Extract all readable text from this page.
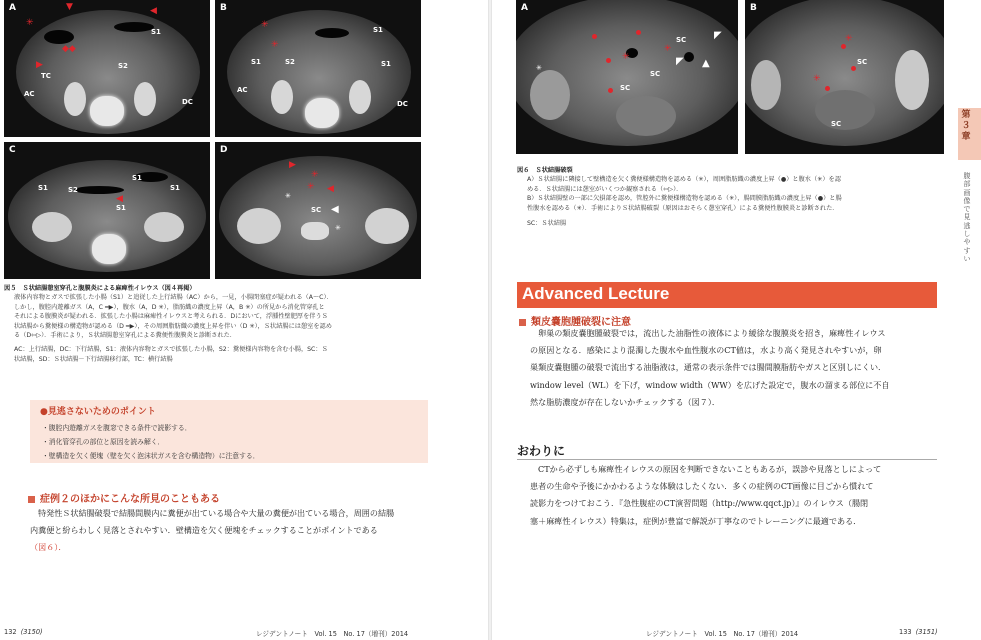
A
S1
TC
S2
AC
DC
▼	◀
✳
◆◆
▶
B
S1
S2
S1	S1
AC
DC
✳
✳
C
S1	S2
S1
S1
S1
◀
D
SC
▶
✳
✳ ◀
◀
✳
✳
図５　Ｓ状結腸憩室穿孔と腹膜炎による麻痺性イレウス（図４再掲）
液体内容物とガスで拡張した小腸（S1）と追従した上行結腸（AC）から，一見，小腸閉塞症が疑われる（A〜C）．
しかし，腹腔内遊離ガス（A，C ━▶），腹水（A，D ✳），脂肪織の濃度上昇（A，B ✳）の所見から消化管穿孔と
それによる腹膜炎が疑われる．拡張した小腸は麻痺性イレウスと考えられる．Dにおいて，浮腫性壁肥厚を伴うＳ
状結腸から糞便様の構造物が認める（D ━▶），その周囲脂肪織の濃度上昇を伴い（D ✳），Ｓ状結腸には憩室を認め
る（D⇦▷）．手術により，Ｓ状結腸憩室穿孔による糞便性腹膜炎と診断された．
AC：上行結腸，DC：下行結腸，S1：液体内容物とガスで拡張した小腸，S2：糞便様内容物を含む小腸，SC：Ｓ
状結腸，SD：Ｓ状結腸－下行結腸移行部，TC：横行結腸
●見逃さないためのポイント
・腹腔内遊離ガスを腹窓できる条件で読影する．
・消化管穿孔の部位と原因を読み解く．
・壁構造を欠く便塊（壁を欠く泡沫状ガスを含む構造物）に注意する．
症例２のほかにこんな所見のこともある
特発性Ｓ状結腸破裂で結腸間膜内に糞便が出ている場合や大量の糞便が出ている場合，周囲の結腸
内糞便と紛らわしく見落とされやすい．壁構造を欠く便塊をチェックすることがポイントである
（図６）．
132 (3150)	レジデントノート　Vol. 15　No. 17（増刊）2014
A
SC
SC
SC
✳
✳
✳
◤
◤ ▲
B
SC
SC
✳
✳
第３章
腹部画像で見逃しやすい
図６　Ｓ状結腸破裂
A）Ｓ状結腸に隣接して壁構造を欠く糞便様構造物を認める（✳），周囲脂肪織の濃度上昇（●）と腹水（✳）を認
める．Ｓ状結腸には憩室がいくつか観察される（⇦▷）．
B）Ｓ状結腸壁の一部に欠損部を認め，管腔外に糞便様構造物を認める（✳），腸間膜脂肪織の濃度上昇（●）と腸
性腹水を認める（✳）．手術によりＳ状結腸破裂（原因はおそらく憩室穿孔）による糞便性腹膜炎と診断された．
SC：Ｓ状結腸
Advanced Lecture
類皮嚢胞腫破裂に注意
卵巣の類皮嚢胞腫破裂では，流出した油脂性の液体により緩徐な腹膜炎を招き，麻痺性イレウス
の原因となる．感染により混濁した腹水や血性腹水のCT値は，水より高く発見されやすいが，卵
巣類皮嚢胞腫の破裂で流出する油脂液は，通常の表示条件では腸間膜脂肪やガスと区別しにくい．
window level（WL）を下げ，window width（WW）を広げた設定で，腹水の溜まる部位に不自
然な脂肪濃度が存在しないかチェックする（図７）．
おわりに
CTから必ずしも麻痺性イレウスの原因を判断できないこともあるが，誤診や見落としによって
患者の生命や予後にかかわるような体験はしたくない．多くの症例のCT画像に目ごから慣れて
読影力をつけておこう．『急性腹症のCT演習問題（http://www.qqct.jp）』のイレウス（腸閉
塞＋麻痺性イレウス）特集は，症例が豊富で解説が丁寧なのでトレーニングに最適である．
レジデントノート　Vol. 15　No. 17（増刊）2014	133 (3151)
